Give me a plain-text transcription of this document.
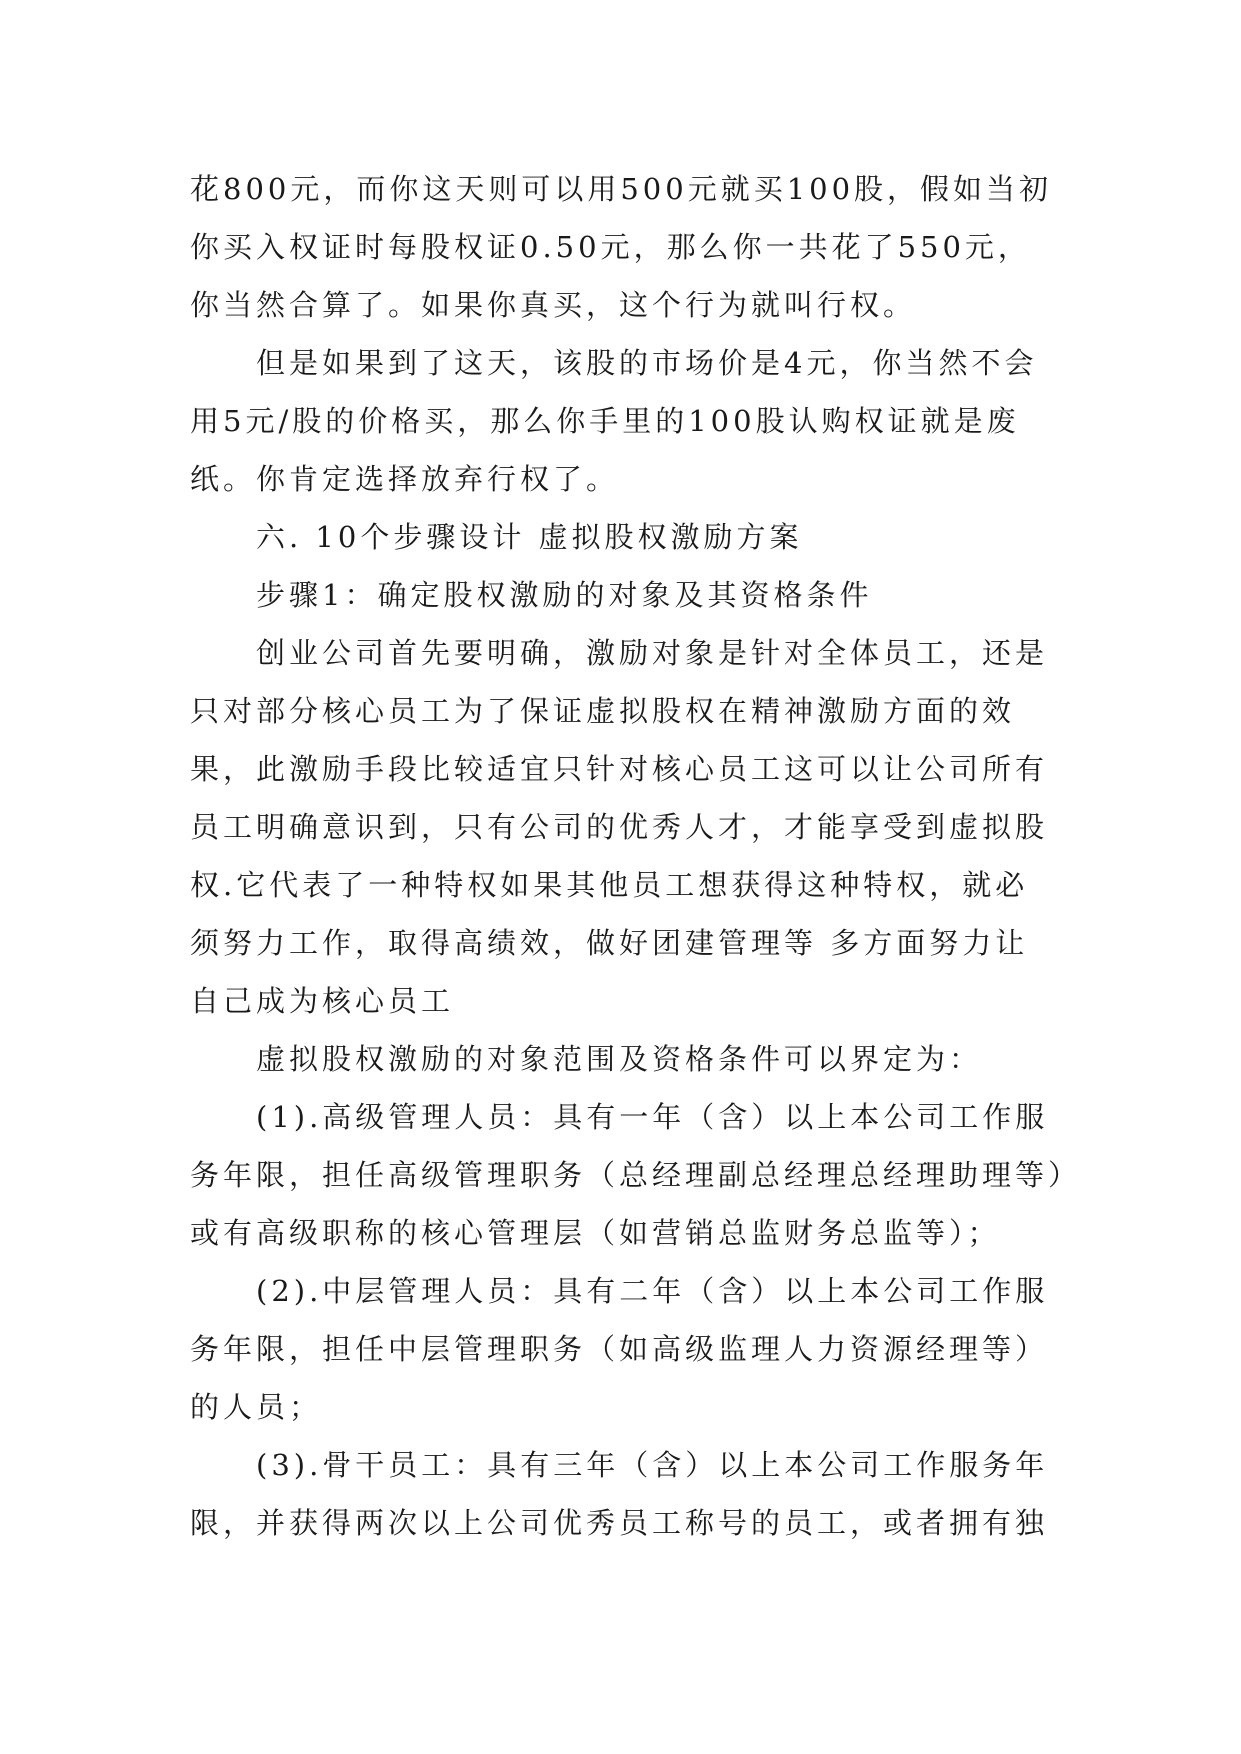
花800元，而你这天则可以用500元就买100股，假如当初
你买入权证时每股权证0.50元，那么你一共花了550元，
你当然合算了。如果你真买，这个行为就叫行权。
但是如果到了这天，该股的市场价是4元，你当然不会
用5元/股的价格买，那么你手里的100股认购权证就是废
纸。你肯定选择放弃行权了。
六. 10个步骤设计 虚拟股权激励方案
步骤1：确定股权激励的对象及其资格条件
创业公司首先要明确，激励对象是针对全体员工，还是
只对部分核心员工为了保证虚拟股权在精神激励方面的效
果，此激励手段比较适宜只针对核心员工这可以让公司所有
员工明确意识到，只有公司的优秀人才，才能享受到虚拟股
权.它代表了一种特权如果其他员工想获得这种特权，就必
须努力工作，取得高绩效，做好团建管理等 多方面努力让
自己成为核心员工
虚拟股权激励的对象范围及资格条件可以界定为：
(1).高级管理人员：具有一年（含）以上本公司工作服
务年限，担任高级管理职务（总经理副总经理总经理助理等）
或有高级职称的核心管理层（如营销总监财务总监等）；
(2).中层管理人员：具有二年（含）以上本公司工作服
务年限，担任中层管理职务（如高级监理人力资源经理等）
的人员；
(3).骨干员工：具有三年（含）以上本公司工作服务年
限，并获得两次以上公司优秀员工称号的员工，或者拥有独
